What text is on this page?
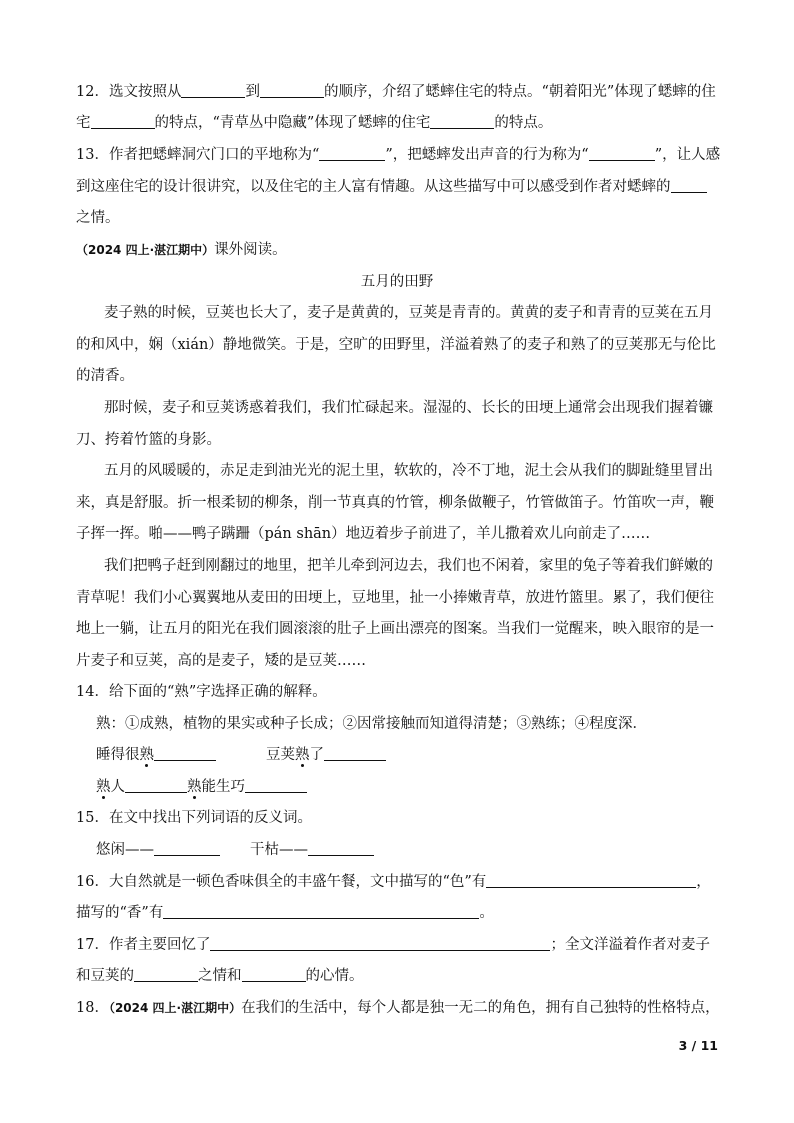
12．选文按照从	到	的顺序，介绍了蟋蟀住宅的特点。“朝着阳光”体现了蟋蟀的住
宅	的特点，“青草丛中隐藏”体现了蟋蟀的住宅	的特点。
13．作者把蟋蟀洞穴门口的平地称为“	”，把蟋蟀发出声音的行为称为“	”，让人感
到这座住宅的设计很讲究，以及住宅的主人富有情趣。从这些描写中可以感受到作者对蟋蟀的
之情。
（2024 四上·湛江期中）课外阅读。
五月的田野
麦子熟的时候，豆荚也长大了，麦子是黄黄的，豆荚是青青的。黄黄的麦子和青青的豆荚在五月
的和风中，娴（xián）静地微笑。于是，空旷的田野里，洋溢着熟了的麦子和熟了的豆荚那无与伦比
的清香。
那时候，麦子和豆荚诱惑着我们，我们忙碌起来。湿湿的、长长的田埂上通常会出现我们握着镰
刀、挎着竹篮的身影。
五月的风暖暖的，赤足走到油光光的泥土里，软软的，冷不丁地，泥土会从我们的脚趾缝里冒出
来，真是舒服。折一根柔韧的柳条，削一节真真的竹管，柳条做鞭子，竹管做笛子。竹笛吹一声，鞭
子挥一挥。啪——鸭子蹒跚（pán shān）地迈着步子前进了，羊儿撒着欢儿向前走了……
我们把鸭子赶到刚翻过的地里，把羊儿牵到河边去，我们也不闲着，家里的兔子等着我们鲜嫩的
青草呢！我们小心翼翼地从麦田的田埂上，豆地里，扯一小捧嫩青草，放进竹篮里。累了，我们便往
地上一躺，让五月的阳光在我们圆滚滚的肚子上画出漂亮的图案。当我们一觉醒来，映入眼帘的是一
片麦子和豆荚，高的是麦子，矮的是豆荚……
14．给下面的“熟”字选择正确的解释。
熟：①成熟，植物的果实或种子长成；②因常接触而知道得清楚；③熟练；④程度深．
睡得很熟	豆荚熟了
熟人	熟能生巧
15．在文中找出下列词语的反义词。
悠闲——	干枯——
16．大自然就是一顿色香味俱全的丰盛午餐，文中描写的“色”有	，
描写的“香”有	。
17．作者主要回忆了	；全文洋溢着作者对麦子
和豆荚的	之情和	的心情。
18．（2024 四上·湛江期中）在我们的生活中，每个人都是独一无二的角色，拥有自己独特的性格特点，
3 / 11
